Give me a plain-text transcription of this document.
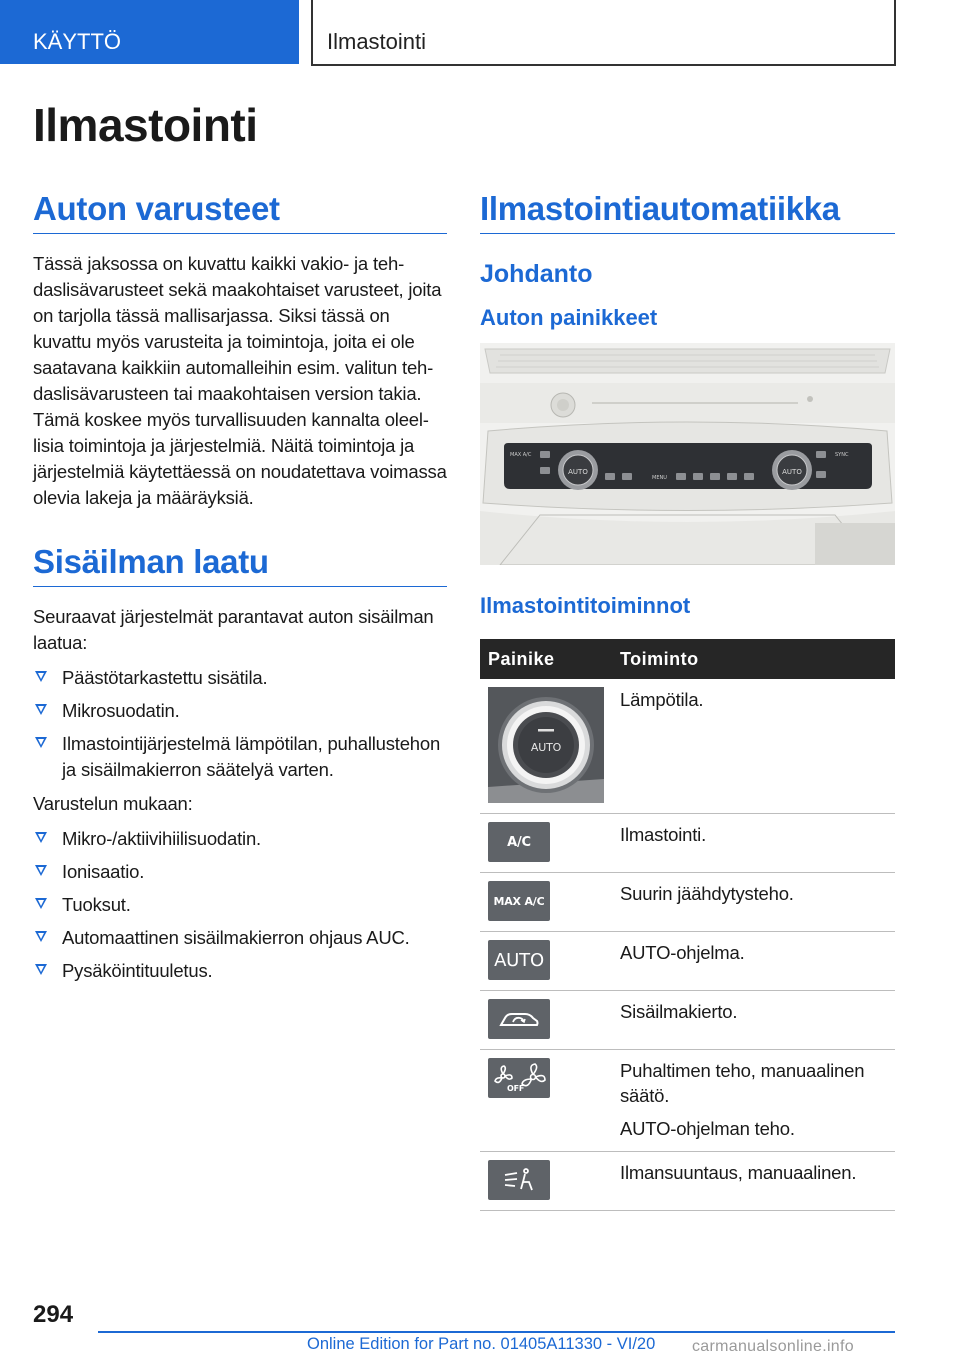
KÄYTTÖ	Ilmastointi
Ilmastointi
Auton varusteet

Tässä jaksossa on kuvattu kaikki vakio- ja tehdaslisävarusteet sekä maakohtaiset varusteet, joita on tarjolla tässä mallisarjassa. Siksi tässä on kuvattu myös varusteita ja toimintoja, joita ei ole saatavana kaikkiin automalleihin esim. valitun tehdaslisävarusteen tai maakohtaisen version takia. Tämä koskee myös turvallisuuden kannalta oleellisia toimintoja ja järjestelmiä. Näitä toimintoja ja järjestelmiä käytettäessä on noudatettava voimassa olevia lakeja ja määräyksiä.

Sisäilman laatu

Seuraavat järjestelmät parantavat auton sisäilman laatua:

Päästötarkastettu sisätila.
Mikrosuodatin.
Ilmastointijärjestelmä lämpötilan, puhallustehon ja sisäilmakierron säätelyä varten.

Varustelun mukaan:

Mikro-/aktiivihiilisuodatin.
Ionisaatio.
Tuoksut.
Automaattinen sisäilmakierron ohjaus AUC.
Pysäköintituuletus.
Ilmastointiautomatiikka
Johdanto
Auton painikkeet
AUTO	AUTO
MAX A/C
MENU
SYNC
Ilmastointitoiminnot
Painike	Toiminto

AUTO	Lämpötila.

A/C	Ilmastointi.

MAX A/C	Suurin jäähdytysteho.

AUTO	AUTO-ohjelma.

	Sisäilmakierto.

OFF	Puhaltimen teho, manuaalinen säätö.

AUTO-ohjelman teho.

	Ilmansuuntaus, manuaalinen.
294
Online Edition for Part no. 01405A11330 - VI/20 carmanualsonline.info
